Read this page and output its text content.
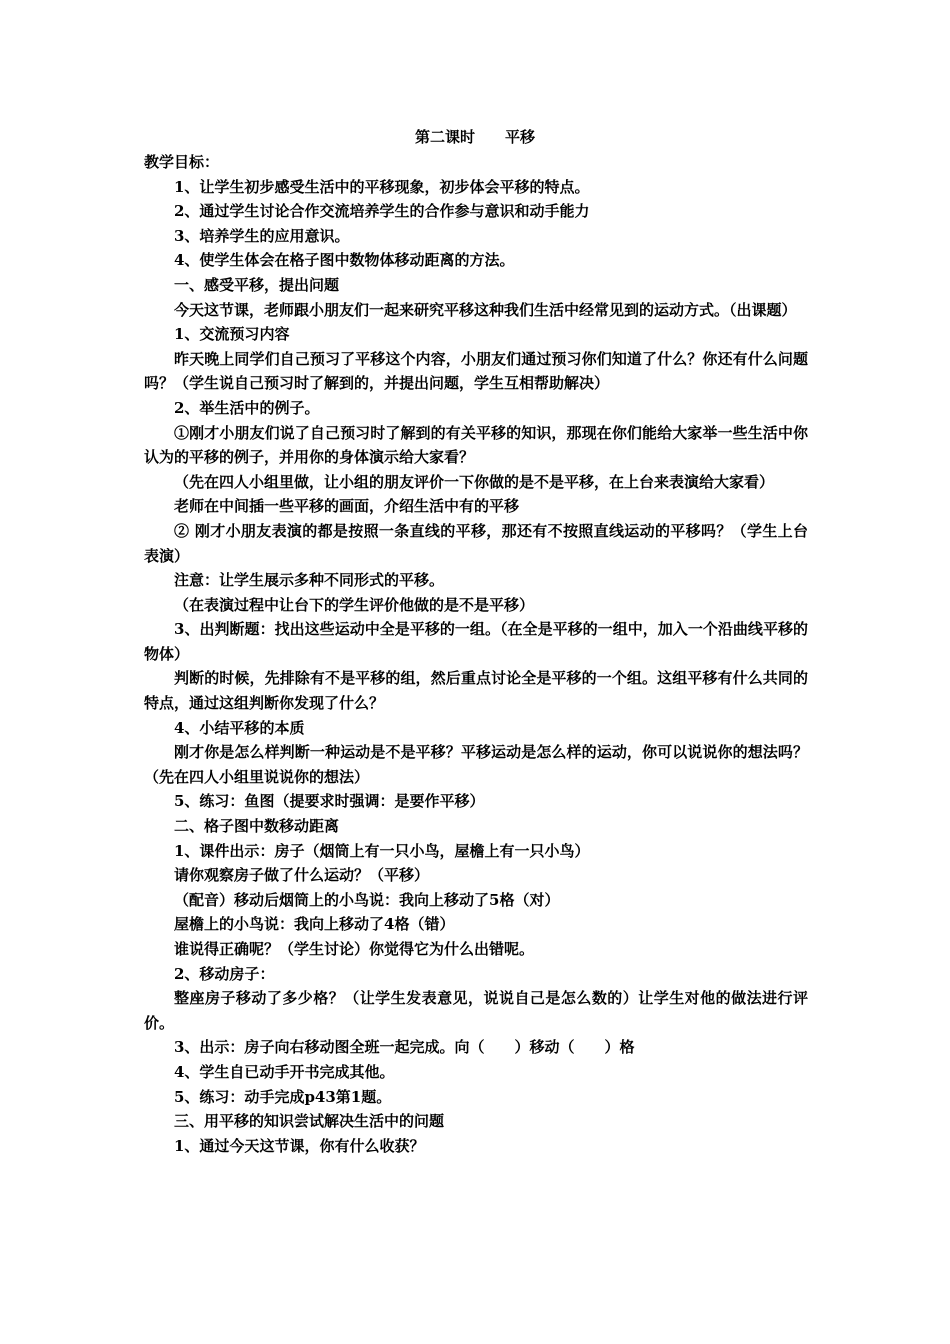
第二课时　　平移

教学目标：

1、让学生初步感受生活中的平移现象，初步体会平移的特点。

2、通过学生讨论合作交流培养学生的合作参与意识和动手能力

3、培养学生的应用意识。

4、使学生体会在格子图中数物体移动距离的方法。

一、感受平移，提出问题

今天这节课，老师跟小朋友们一起来研究平移这种我们生活中经常见到的运动方式。（出课题）

1、交流预习内容

昨天晚上同学们自己预习了平移这个内容，小朋友们通过预习你们知道了什么？你还有什么问题吗？（学生说自己预习时了解到的，并提出问题，学生互相帮助解决）

2、举生活中的例子。

①刚才小朋友们说了自己预习时了解到的有关平移的知识，那现在你们能给大家举一些生活中你认为的平移的例子，并用你的身体演示给大家看？

（先在四人小组里做，让小组的朋友评价一下你做的是不是平移，在上台来表演给大家看）

老师在中间插一些平移的画面，介绍生活中有的平移

② 刚才小朋友表演的都是按照一条直线的平移，那还有不按照直线运动的平移吗？（学生上台表演）

注意：让学生展示多种不同形式的平移。

（在表演过程中让台下的学生评价他做的是不是平移）

3、出判断题：找出这些运动中全是平移的一组。（在全是平移的一组中，加入一个沿曲线平移的物体）

判断的时候，先排除有不是平移的组，然后重点讨论全是平移的一个组。这组平移有什么共同的特点，通过这组判断你发现了什么？

4、小结平移的本质

刚才你是怎么样判断一种运动是不是平移？平移运动是怎么样的运动，你可以说说你的想法吗？（先在四人小组里说说你的想法）

5、练习：鱼图（提要求时强调：是要作平移）

二、格子图中数移动距离

1、课件出示：房子（烟筒上有一只小鸟，屋檐上有一只小鸟）

请你观察房子做了什么运动？（平移）

（配音）移动后烟筒上的小鸟说：我向上移动了5格（对）

屋檐上的小鸟说：我向上移动了4格（错）

谁说得正确呢？（学生讨论）你觉得它为什么出错呢。

2、移动房子：

整座房子移动了多少格？（让学生发表意见，说说自己是怎么数的）让学生对他的做法进行评价。

3、出示：房子向右移动图全班一起完成。向（　　）移动（　　）格

4、学生自已动手开书完成其他。

5、练习：动手完成p43第1题。

三、用平移的知识尝试解决生活中的问题

1、通过今天这节课，你有什么收获？
